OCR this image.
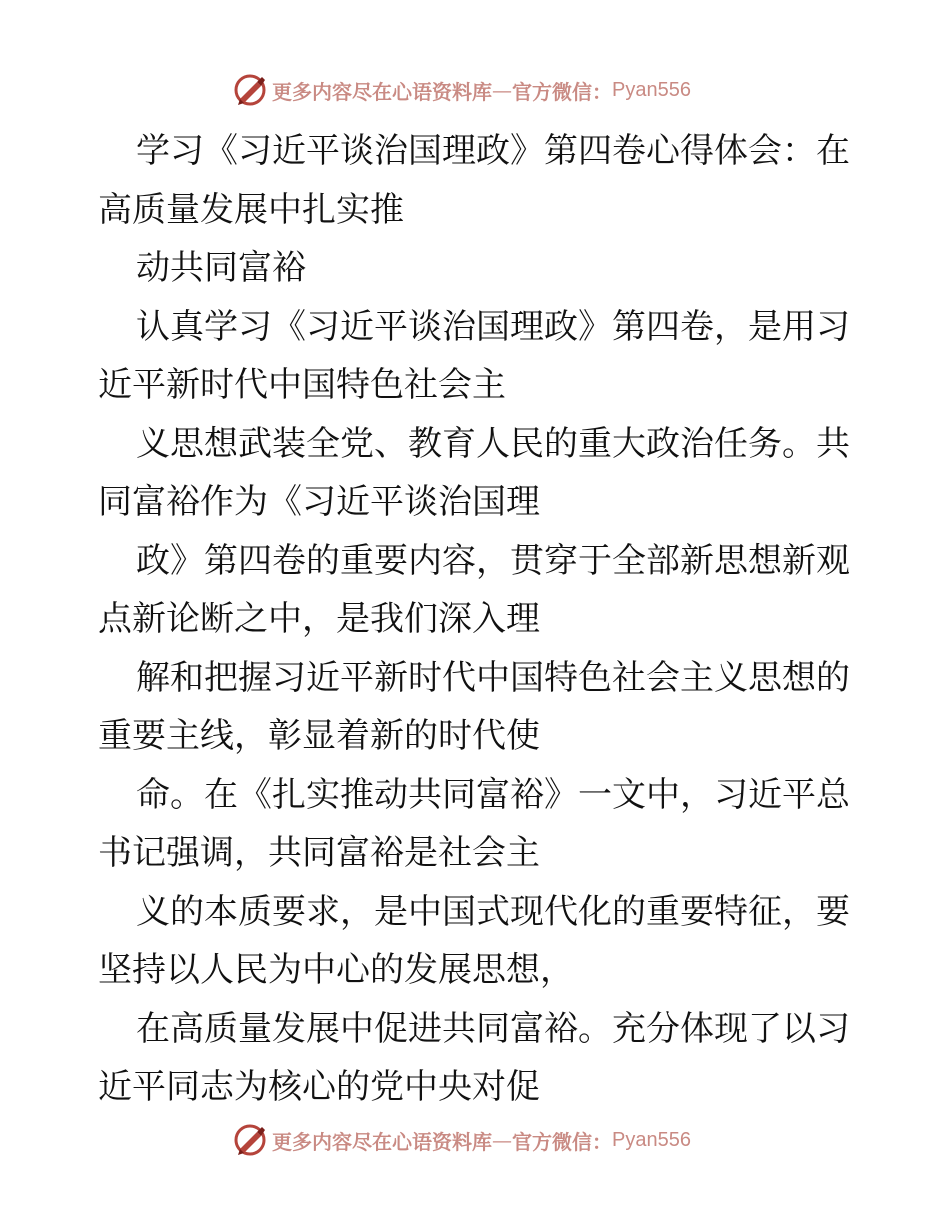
更多内容尽在心语资料库 — 官方微信： Pyan556
学习《习近平谈治国理政》第四卷心得体会：在
高质量发展中扎实推
动共同富裕
认真学习《习近平谈治国理政》第四卷，是用习
近平新时代中国特色社会主
义思想武装全党、教育人民的重大政治任务。共
同富裕作为《习近平谈治国理
政》第四卷的重要内容，贯穿于全部新思想新观
点新论断之中，是我们深入理
解和把握习近平新时代中国特色社会主义思想的
重要主线，彰显着新的时代使
命。在《扎实推动共同富裕》一文中，习近平总
书记强调，共同富裕是社会主
义的本质要求，是中国式现代化的重要特征，要
坚持以人民为中心的发展思想，
在高质量发展中促进共同富裕。充分体现了以习
近平同志为核心的党中央对促
更多内容尽在心语资料库 — 官方微信： Pyan556
